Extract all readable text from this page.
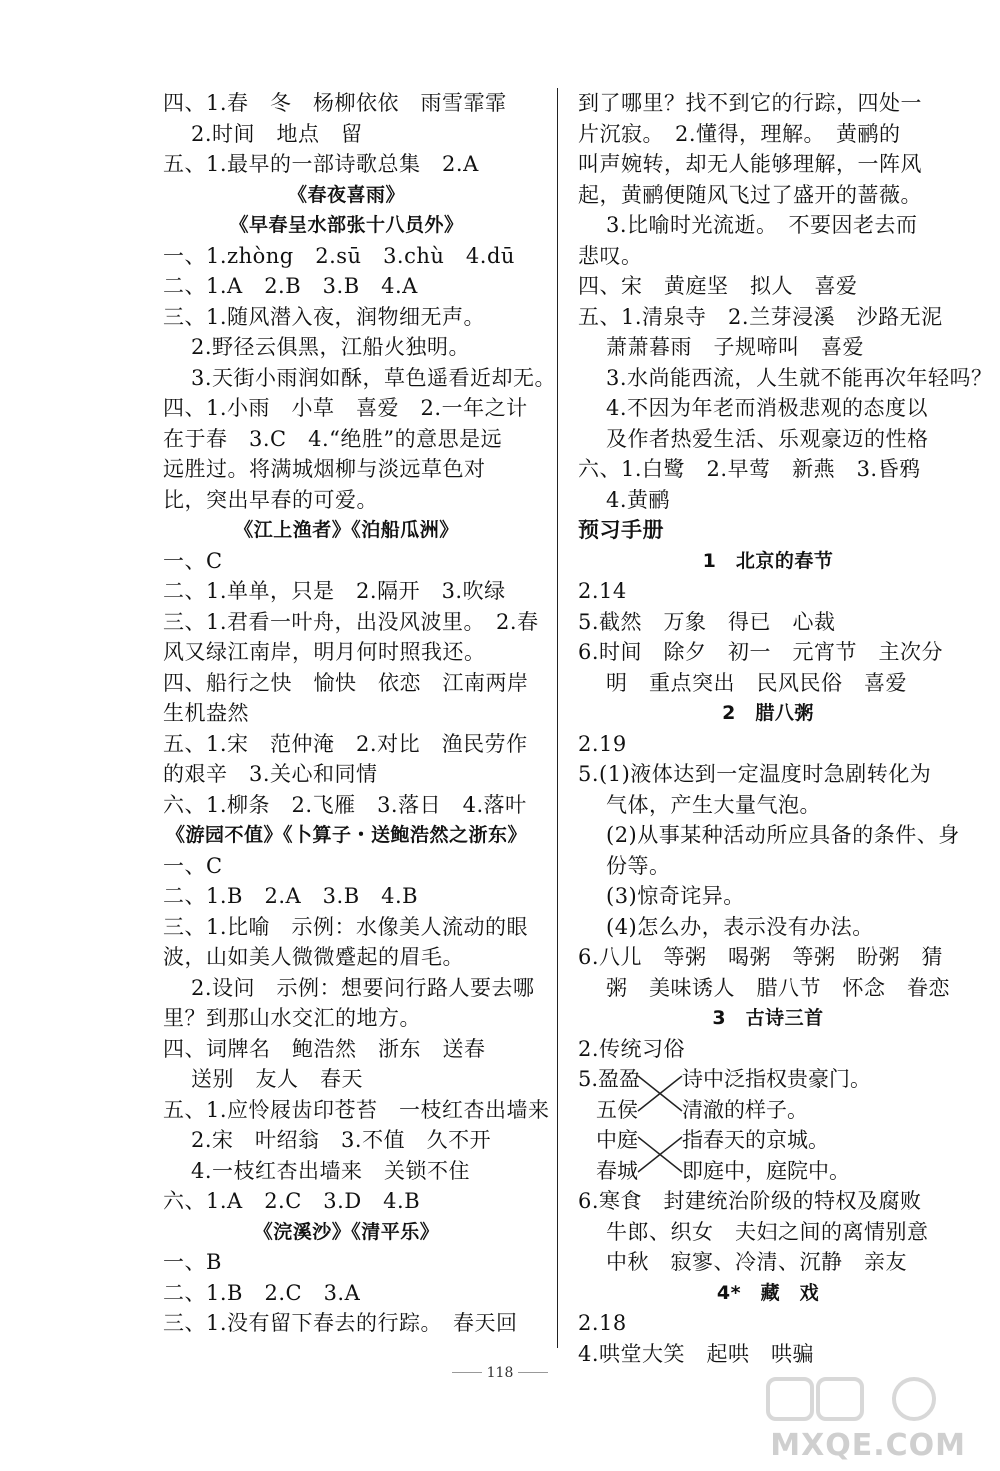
四、1.春　冬　杨柳依依　雨雪霏霏
2.时间　地点　留
五、1.最早的一部诗歌总集　2.A
《春夜喜雨》
《早春呈水部张十八员外》
一、1.zhòng　2.sū　3.chù　4.dū
二、1.A　2.B　3.B　4.A
三、1.随风潜入夜，润物细无声。
2.野径云俱黑，江船火独明。
3.天街小雨润如酥，草色遥看近却无。
四、1.小雨　小草　喜爱　2.一年之计
在于春　3.C　4.“绝胜”的意思是远
远胜过。将满城烟柳与淡远草色对
比，突出早春的可爱。
《江上渔者》《泊船瓜洲》
一、C
二、1.单单，只是　2.隔开　3.吹绿
三、1.君看一叶舟，出没风波里。　2.春
风又绿江南岸，明月何时照我还。
四、船行之快　愉快　依恋　江南两岸
生机盎然
五、1.宋　范仲淹　2.对比　渔民劳作
的艰辛　3.关心和同情
六、1.柳条　2.飞雁　3.落日　4.落叶
《游园不值》《卜算子・送鲍浩然之浙东》
一、C
二、1.B　2.A　3.B　4.B
三、1.比喻　示例：水像美人流动的眼
波，山如美人微微蹙起的眉毛。
2.设问　示例：想要问行路人要去哪
里？到那山水交汇的地方。
四、词牌名　鲍浩然　浙东　送春
送别　友人　春天
五、1.应怜屐齿印苍苔　一枝红杏出墙来
2.宋　叶绍翁　3.不值　久不开
4.一枝红杏出墙来　关锁不住
六、1.A　2.C　3.D　4.B
《浣溪沙》《清平乐》
一、B
二、1.B　2.C　3.A
三、1.没有留下春去的行踪。　春天回
到了哪里？找不到它的行踪，四处一
片沉寂。　2.懂得，理解。　黄鹂的
叫声婉转，却无人能够理解，一阵风
起，黄鹂便随风飞过了盛开的蔷薇。
3.比喻时光流逝。　不要因老去而
悲叹。
四、宋　黄庭坚　拟人　喜爱
五、1.清泉寺　2.兰芽浸溪　沙路无泥
萧萧暮雨　子规啼叫　喜爱
3.水尚能西流，人生就不能再次年轻吗？
4.不因为年老而消极悲观的态度以
及作者热爱生活、乐观豪迈的性格
六、1.白鹭　2.早莺　新燕　3.昏鸦
4.黄鹂
预习手册
1　北京的春节
2.14
5.截然　万象　得已　心裁
6.时间　除夕　初一　元宵节　主次分
明　重点突出　民风民俗　喜爱
2　腊八粥
2.19
5.(1)液体达到一定温度时急剧转化为
气体，产生大量气泡。
(2)从事某种活动所应具备的条件、身
份等。
(3)惊奇诧异。
(4)怎么办，表示没有办法。
6.八儿　等粥　喝粥　等粥　盼粥　猜
粥　美味诱人　腊八节　怀念　眷恋
3　古诗三首
2.传统习俗
5.盈盈 诗中泛指权贵豪门。
五侯 清澈的样子。
中庭 指春天的京城。
春城 即庭中，庭院中。
6.寒食　封建统治阶级的特权及腐败
牛郎、织女　夫妇之间的离情别意
中秋　寂寥、冷清、沉静　亲友
4*　藏　戏
2.18
4.哄堂大笑　起哄　哄骗
118
MXQE.COM
